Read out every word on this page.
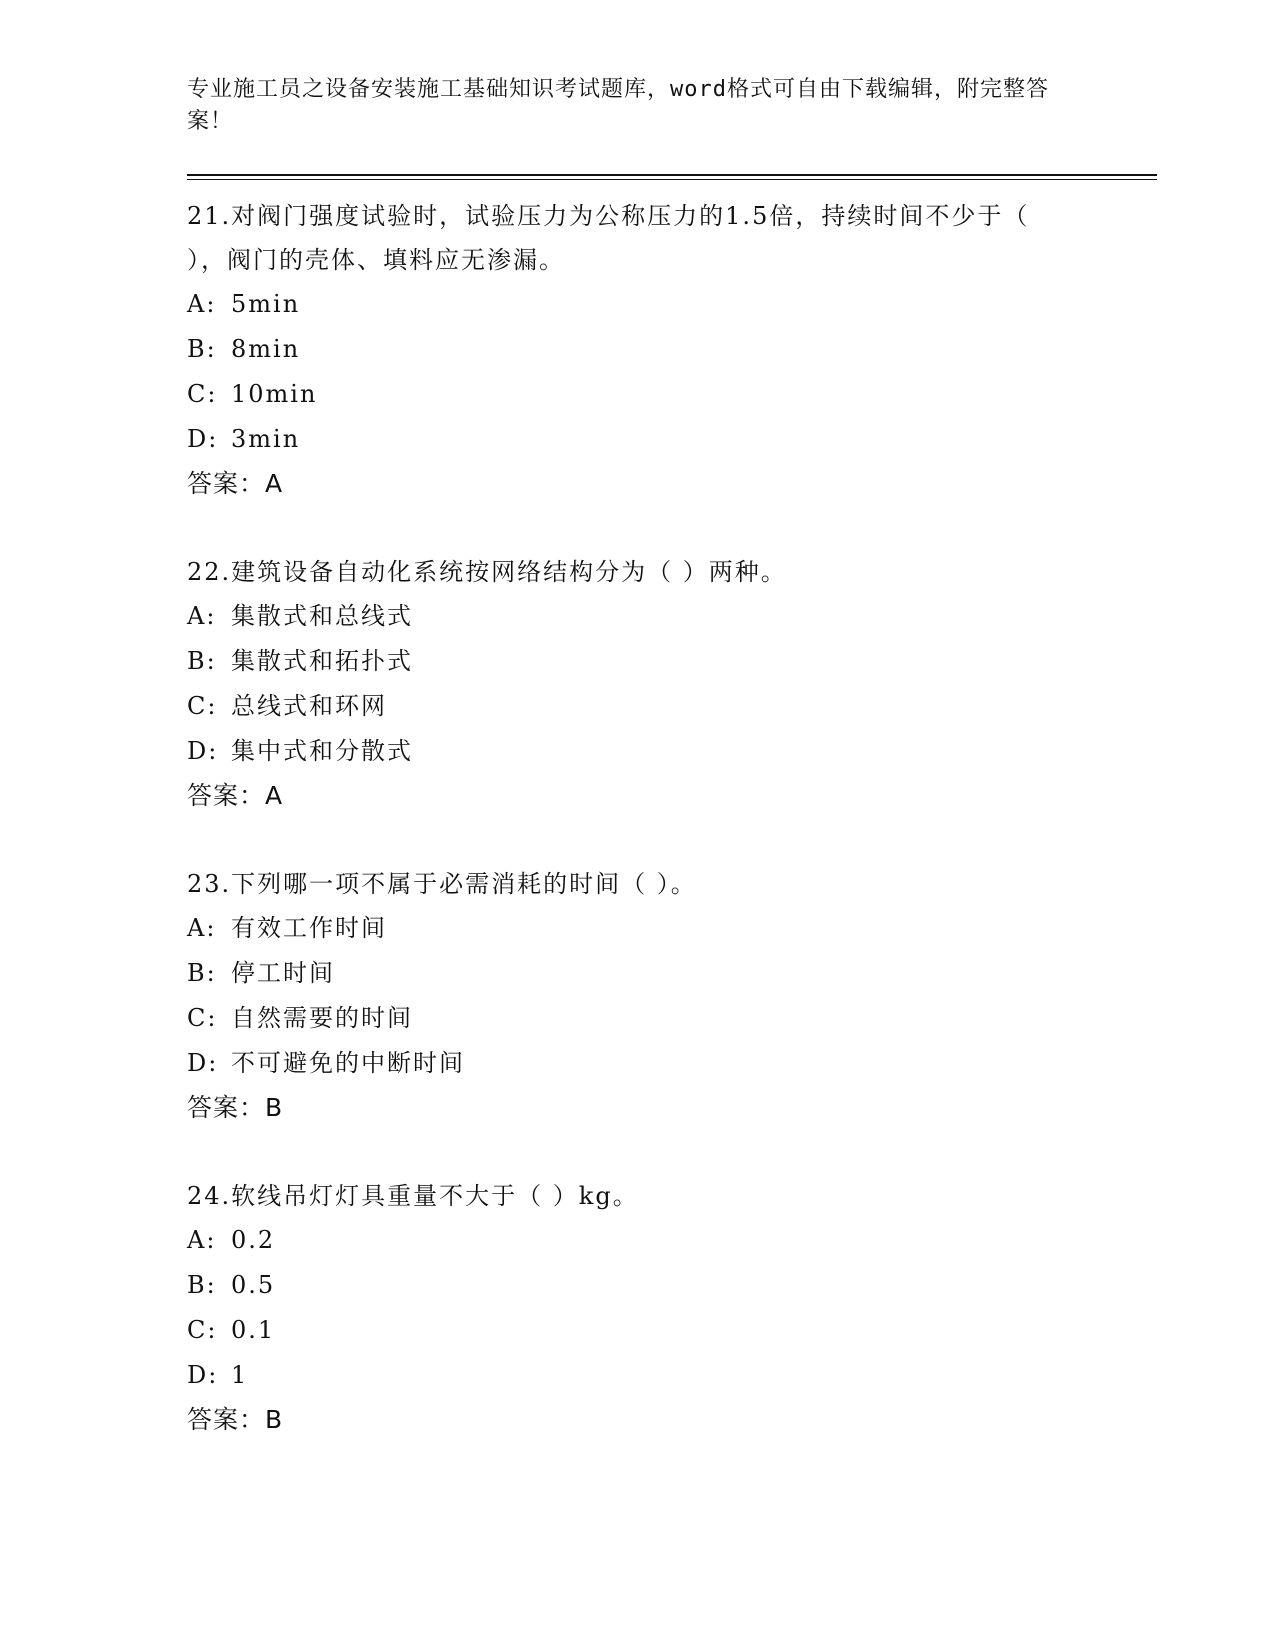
专业施工员之设备安装施工基础知识考试题库，word格式可自由下载编辑，附完整答案！

21.对阀门强度试验时，试验压力为公称压力的1.5倍，持续时间不少于（ ），阀门的壳体、填料应无渗漏。

A: 5min

B: 8min

C: 10min

D: 3min

答案：A

22.建筑设备自动化系统按网络结构分为（ ）两种。

A: 集散式和总线式

B: 集散式和拓扑式

C: 总线式和环网

D: 集中式和分散式

答案：A

23.下列哪一项不属于必需消耗的时间（ ）。

A: 有效工作时间

B: 停工时间

C: 自然需要的时间

D: 不可避免的中断时间

答案：B

24.软线吊灯灯具重量不大于（ ）kg。

A: 0.2

B: 0.5

C: 0.1

D: 1

答案：B
